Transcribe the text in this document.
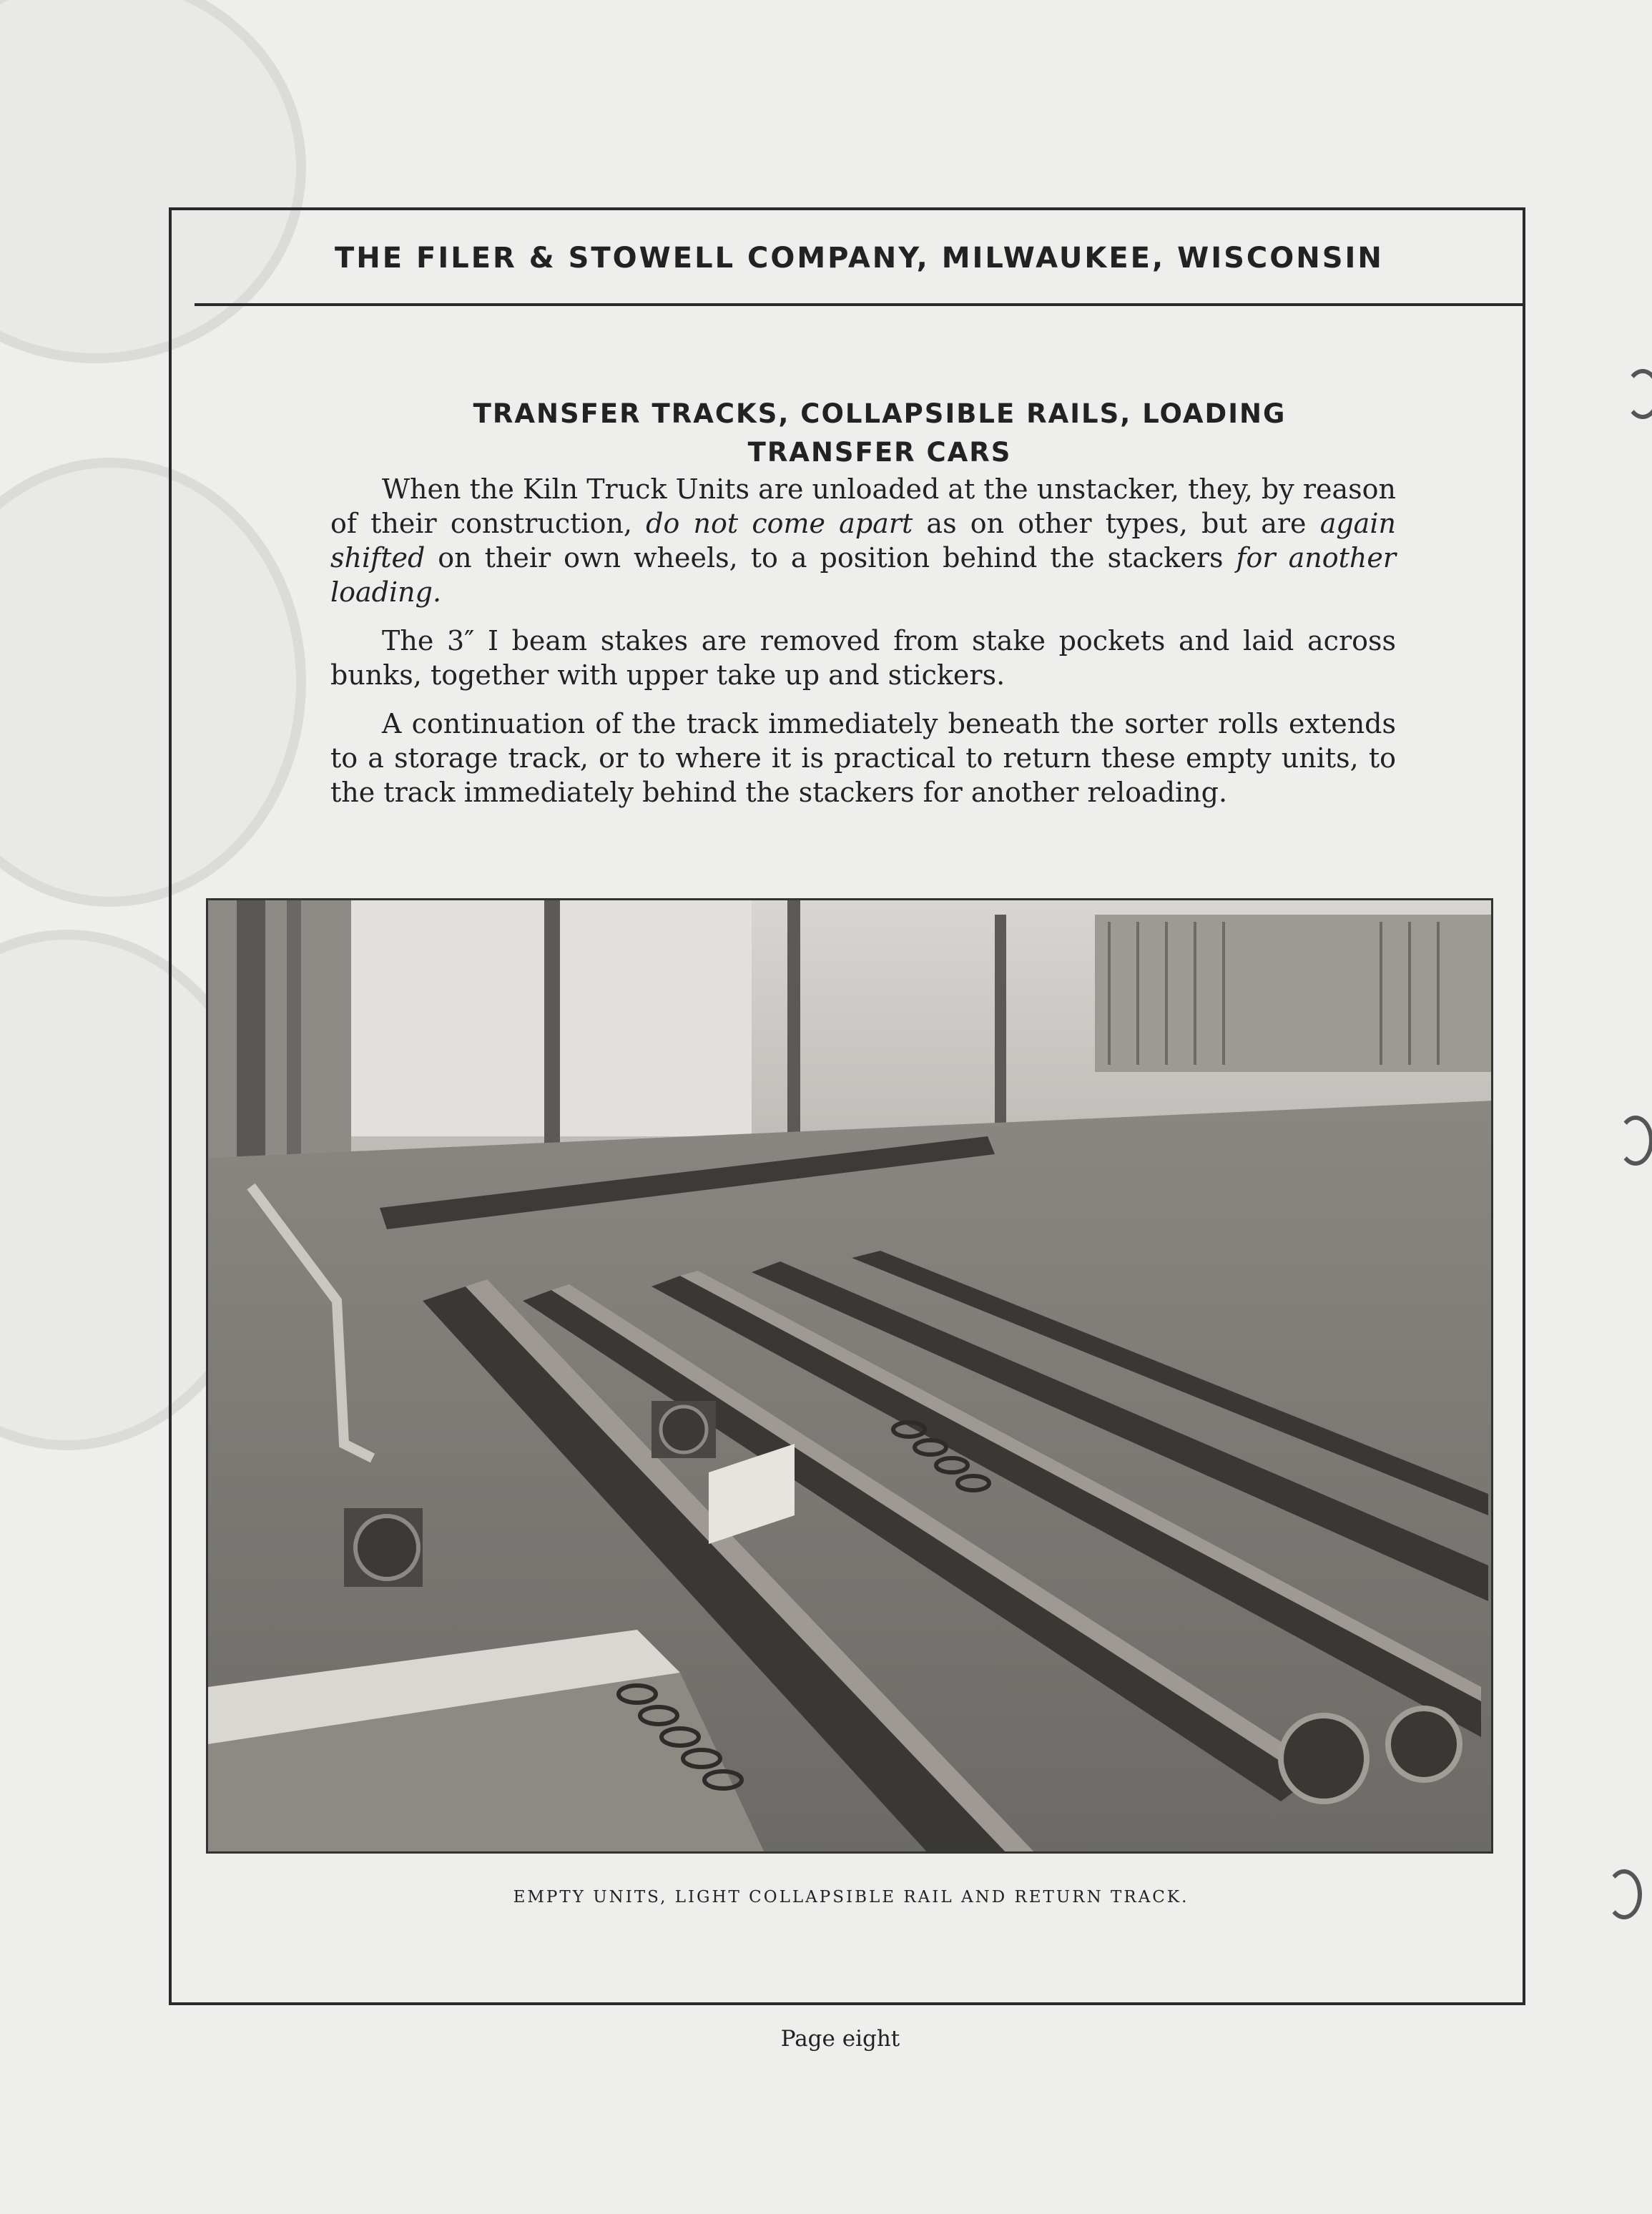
THE FILER & STOWELL COMPANY, MILWAUKEE, WISCONSIN
TRANSFER TRACKS, COLLAPSIBLE RAILS, LOADING
TRANSFER CARS

When the Kiln Truck Units are unloaded at the unstacker, they, by reason of their construction, do not come apart as on other types, but are again shifted on their own wheels, to a position behind the stackers for another loading.

The 3″ I beam stakes are removed from stake pockets and laid across bunks, together with upper take up and stickers.

A continuation of the track immediately beneath the sorter rolls extends to a storage track, or to where it is practical to return these empty units, to the track immediately behind the stackers for another reloading.

EMPTY UNITS, LIGHT COLLAPSIBLE RAIL AND RETURN TRACK.
Page eight
